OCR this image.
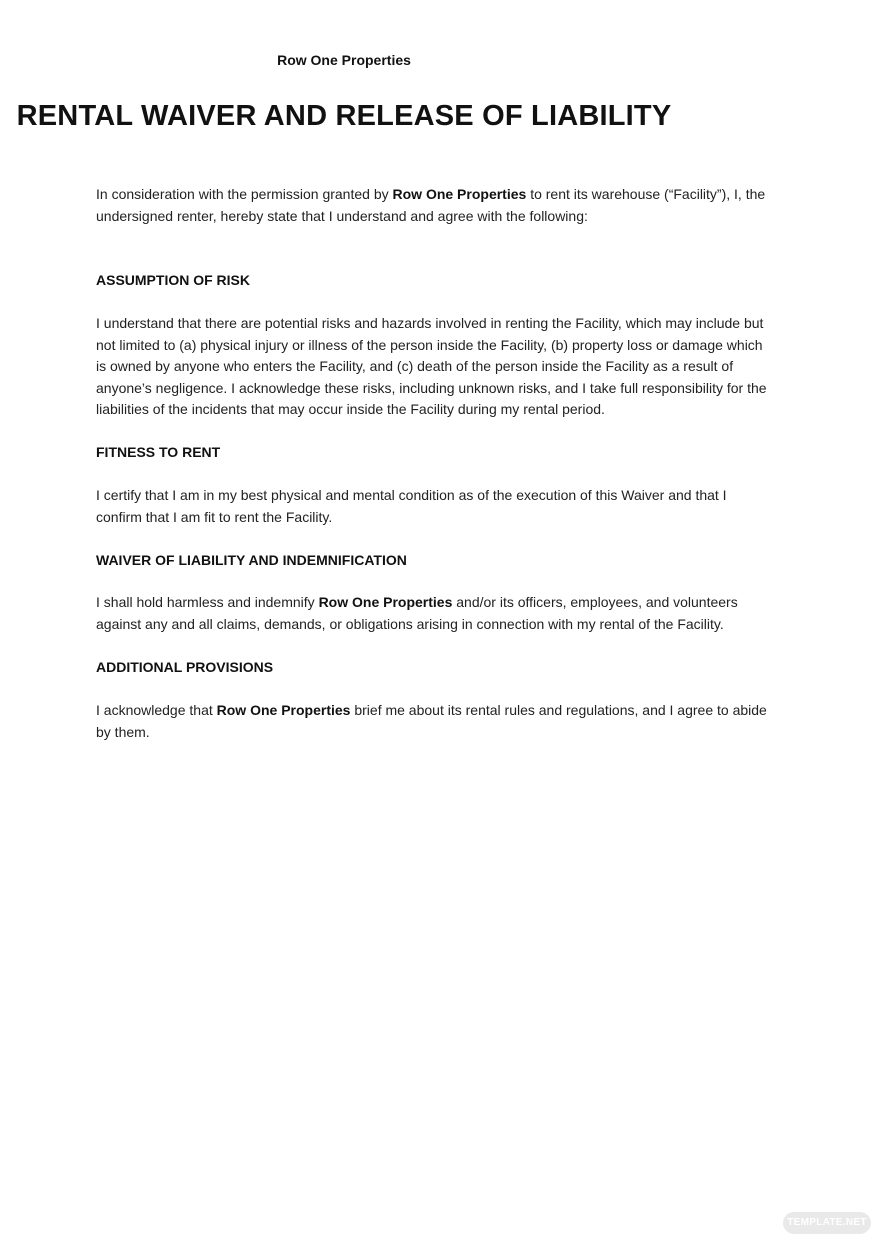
Row One Properties
RENTAL WAIVER AND RELEASE OF LIABILITY

In consideration with the permission granted by Row One Properties to rent its warehouse (“Facility”), I, the undersigned renter, hereby state that I understand and agree with the following:

ASSUMPTION OF RISK

I understand that there are potential risks and hazards involved in renting the Facility, which may include but not limited to (a) physical injury or illness of the person inside the Facility, (b) property loss or damage which is owned by anyone who enters the Facility, and (c) death of the person inside the Facility as a result of anyone’s negligence. I acknowledge these risks, including unknown risks, and I take full responsibility for the liabilities of the incidents that may occur inside the Facility during my rental period.

FITNESS TO RENT

I certify that I am in my best physical and mental condition as of the execution of this Waiver and that I confirm that I am fit to rent the Facility.

WAIVER OF LIABILITY AND INDEMNIFICATION

I shall hold harmless and indemnify Row One Properties and/or its officers, employees, and volunteers against any and all claims, demands, or obligations arising in connection with my rental of the Facility.

ADDITIONAL PROVISIONS

I acknowledge that Row One Properties brief me about its rental rules and regulations, and I agree to abide by them.

TEMPLATE.NET
